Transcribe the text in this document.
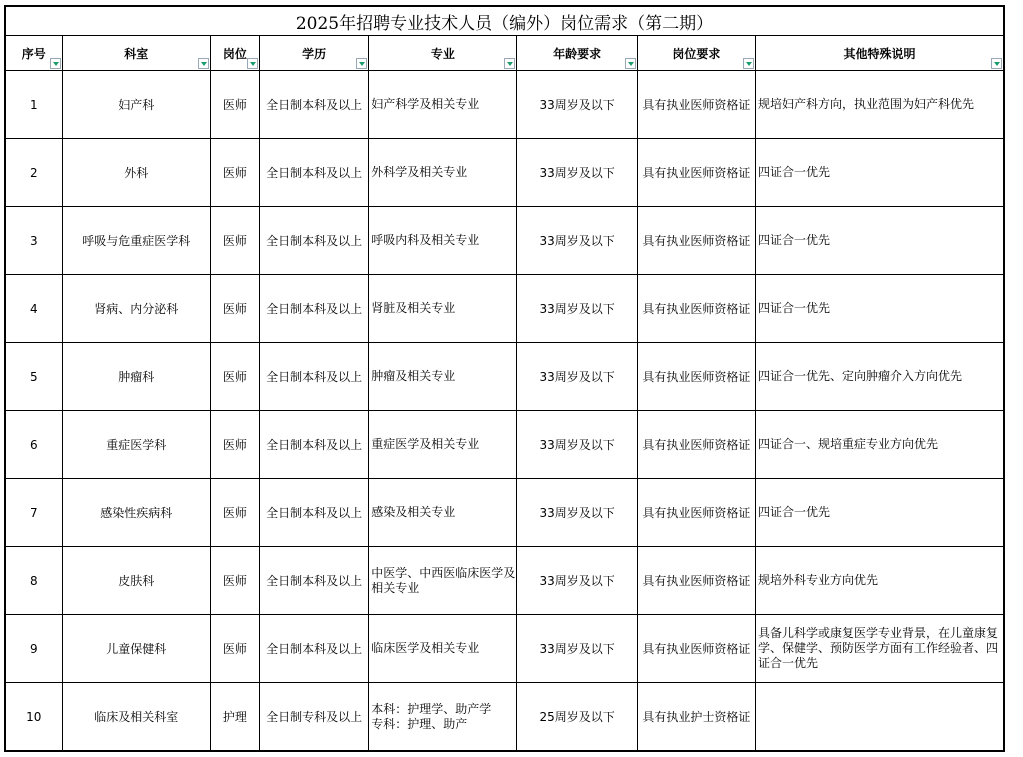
2025年招聘专业技术人员（编外）岗位需求（第二期）							
序号	科室	岗位	学历	专业	年龄要求	岗位要求	其他特殊说明

1	妇产科	医师	全日制本科及以上	妇产科学及相关专业	33周岁及以下	具有执业医师资格证	规培妇产科方向，执业范围为妇产科优先
2	外科	医师	全日制本科及以上	外科学及相关专业	33周岁及以下	具有执业医师资格证	四证合一优先
3	呼吸与危重症医学科	医师	全日制本科及以上	呼吸内科及相关专业	33周岁及以下	具有执业医师资格证	四证合一优先
4	肾病、内分泌科	医师	全日制本科及以上	肾脏及相关专业	33周岁及以下	具有执业医师资格证	四证合一优先
5	肿瘤科	医师	全日制本科及以上	肿瘤及相关专业	33周岁及以下	具有执业医师资格证	四证合一优先、定向肿瘤介入方向优先
6	重症医学科	医师	全日制本科及以上	重症医学及相关专业	33周岁及以下	具有执业医师资格证	四证合一、规培重症专业方向优先
7	感染性疾病科	医师	全日制本科及以上	感染及相关专业	33周岁及以下	具有执业医师资格证	四证合一优先
8	皮肤科	医师	全日制本科及以上	中医学、中西医临床医学及相关专业	33周岁及以下	具有执业医师资格证	规培外科专业方向优先
9	儿童保健科	医师	全日制本科及以上	临床医学及相关专业	33周岁及以下	具有执业医师资格证	具备儿科学或康复医学专业背景，在儿童康复学、保健学、预防医学方面有工作经验者、四证合一优先
10	临床及相关科室	护理	全日制专科及以上	本科：护理学、助产学
专科：护理、助产	25周岁及以下	具有执业护士资格证	
